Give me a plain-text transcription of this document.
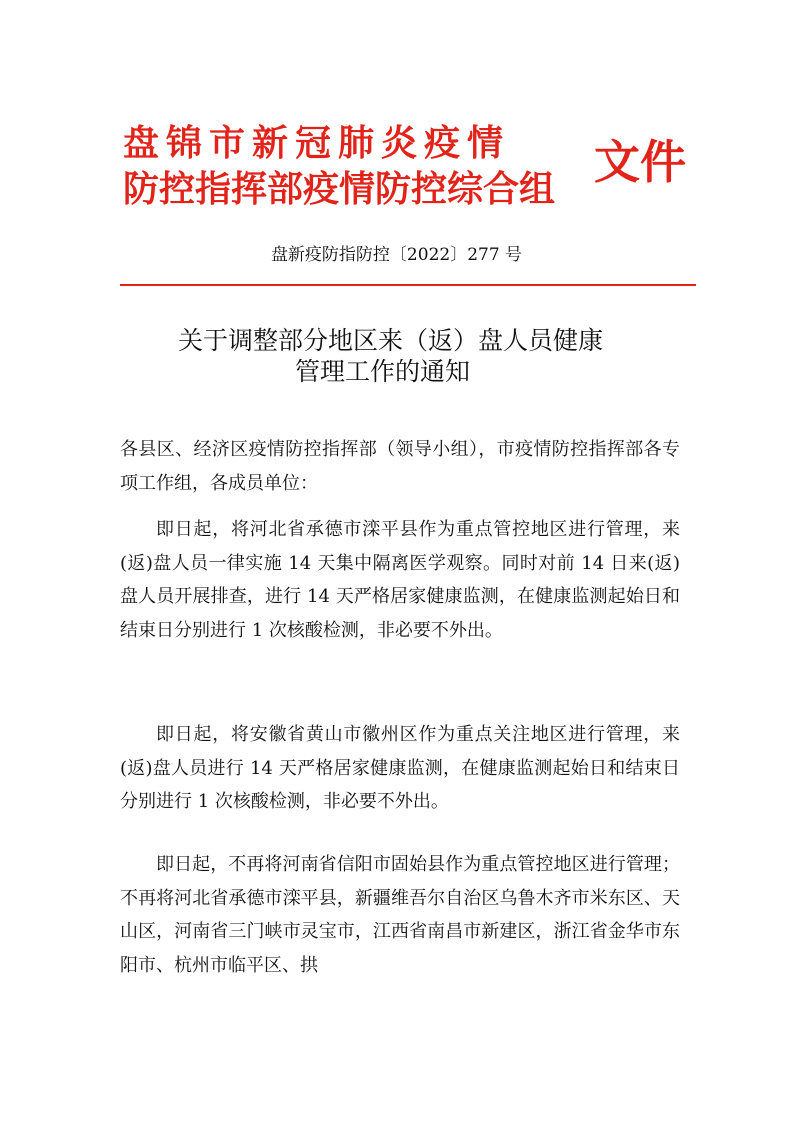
盘锦市新冠肺炎疫情
防控指挥部疫情防控综合组
文件
盘新疫防指防控〔2022〕277 号
关于调整部分地区来（返）盘人员健康
管理工作的通知
各县区、经济区疫情防控指挥部（领导小组），市疫情防控指挥部各专项工作组，各成员单位：

即日起，将河北省承德市滦平县作为重点管控地区进行管理，来(返)盘人员一律实施 14 天集中隔离医学观察。同时对前 14 日来(返)盘人员开展排查，进行 14 天严格居家健康监测，在健康监测起始日和结束日分别进行 1 次核酸检测，非必要不外出。

即日起，将安徽省黄山市徽州区作为重点关注地区进行管理，来(返)盘人员进行 14 天严格居家健康监测，在健康监测起始日和结束日分别进行 1 次核酸检测，非必要不外出。

即日起，不再将河南省信阳市固始县作为重点管控地区进行管理；不再将河北省承德市滦平县，新疆维吾尔自治区乌鲁木齐市米东区、天山区，河南省三门峡市灵宝市，江西省南昌市新建区，浙江省金华市东阳市、杭州市临平区、拱
